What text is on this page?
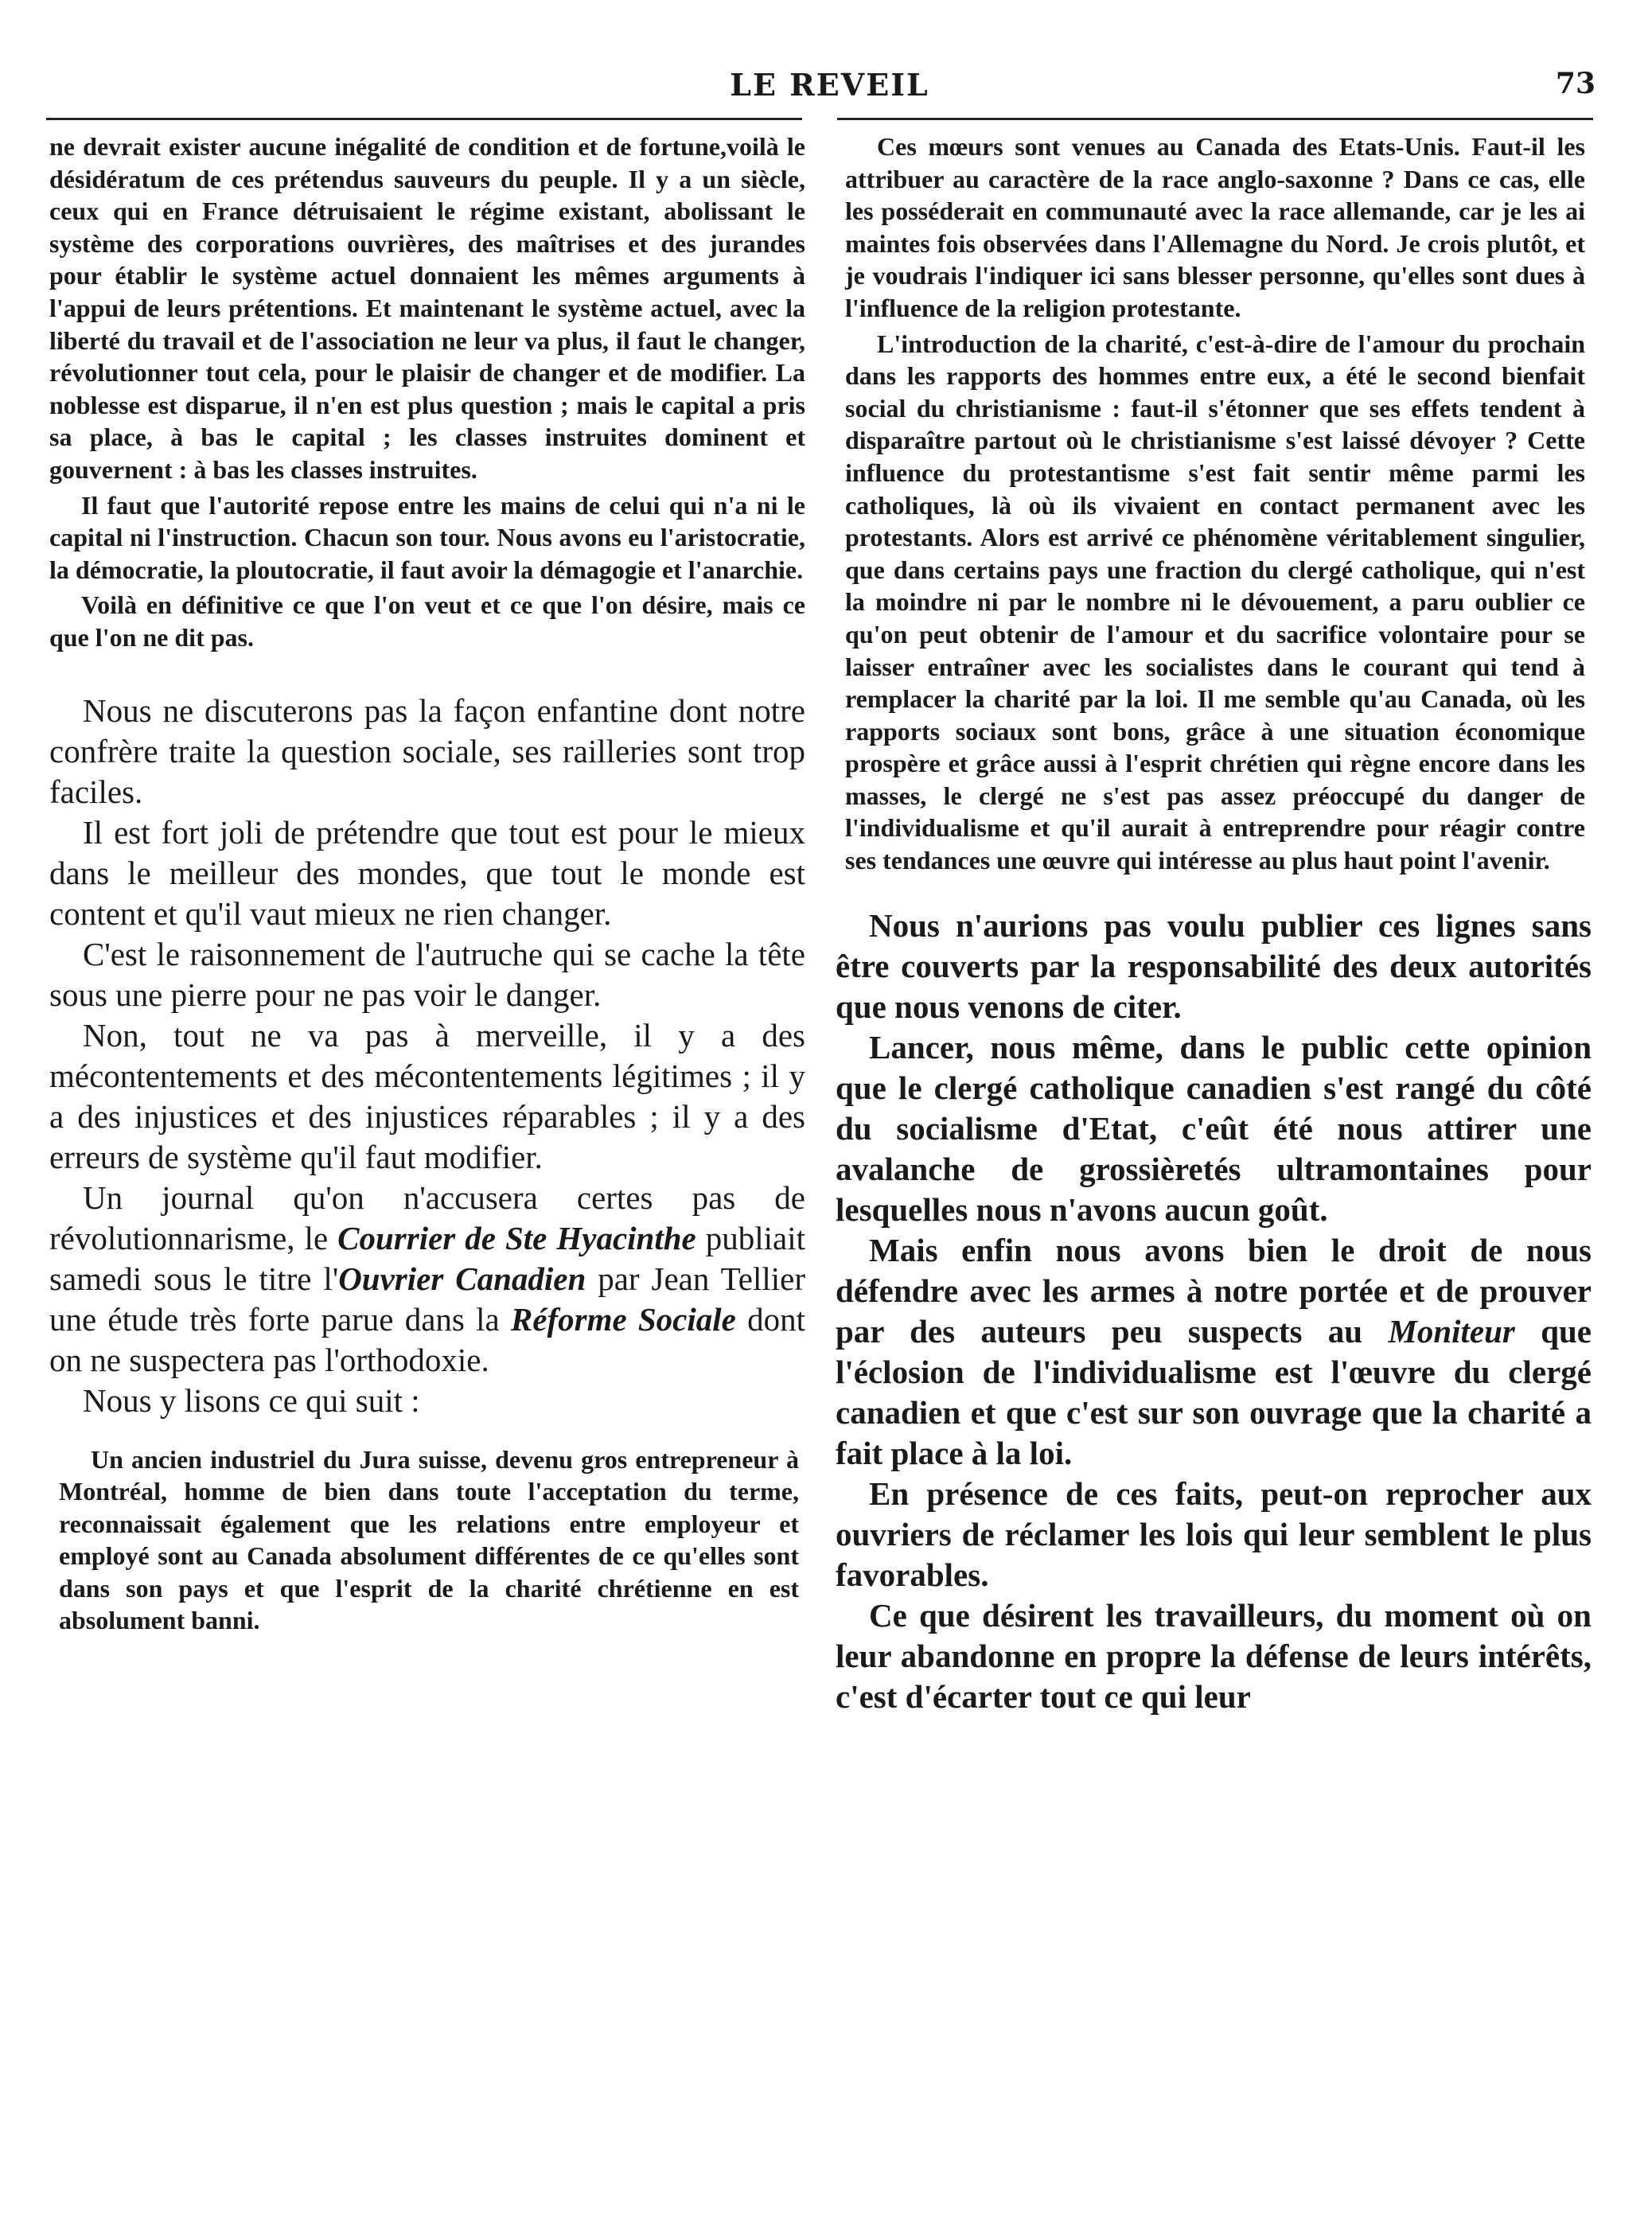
LE REVEIL	73

ne devrait exister aucune inégalité de condition et de fortune,voilà le désidératum de ces prétendus sauveurs du peuple. Il y a un siècle, ceux qui en France détruisaient le régime existant, abolissant le système des corporations ouvrières, des maîtrises et des jurandes pour établir le système actuel donnaient les mêmes arguments à l'appui de leurs prétentions. Et maintenant le système actuel, avec la liberté du travail et de l'association ne leur va plus, il faut le changer, révolutionner tout cela, pour le plaisir de changer et de modifier. La noblesse est disparue, il n'en est plus question ; mais le capital a pris sa place, à bas le capital ; les classes instruites dominent et gouvernent : à bas les classes instruites.

Il faut que l'autorité repose entre les mains de celui qui n'a ni le capital ni l'instruction. Chacun son tour. Nous avons eu l'aristocratie, la démocratie, la ploutocratie, il faut avoir la démagogie et l'anarchie.

Voilà en définitive ce que l'on veut et ce que l'on désire, mais ce que l'on ne dit pas.

Nous ne discuterons pas la façon enfantine dont notre confrère traite la question sociale, ses railleries sont trop faciles.

Il est fort joli de prétendre que tout est pour le mieux dans le meilleur des mondes, que tout le monde est content et qu'il vaut mieux ne rien changer.

C'est le raisonnement de l'autruche qui se cache la tête sous une pierre pour ne pas voir le danger.

Non, tout ne va pas à merveille, il y a des mécontentements et des mécontentements légitimes ; il y a des injustices et des injustices réparables ; il y a des erreurs de système qu'il faut modifier.

Un journal qu'on n'accusera certes pas de révolutionnarisme, le Courrier de Ste Hyacinthe publiait samedi sous le titre l'Ouvrier Canadien par Jean Tellier une étude très forte parue dans la Réforme Sociale dont on ne suspectera pas l'orthodoxie.

Nous y lisons ce qui suit :

Un ancien industriel du Jura suisse, devenu gros entrepreneur à Montréal, homme de bien dans toute l'acceptation du terme, reconnaissait également que les relations entre employeur et employé sont au Canada absolument différentes de ce qu'elles sont dans son pays et que l'esprit de la charité chrétienne en est absolument banni.

Ces mœurs sont venues au Canada des Etats-Unis. Faut-il les attribuer au caractère de la race anglo-saxonne ? Dans ce cas, elle les posséderait en communauté avec la race allemande, car je les ai maintes fois observées dans l'Allemagne du Nord. Je crois plutôt, et je voudrais l'indiquer ici sans blesser personne, qu'elles sont dues à l'influence de la religion protestante.

L'introduction de la charité, c'est-à-dire de l'amour du prochain dans les rapports des hommes entre eux, a été le second bienfait social du christianisme : faut-il s'étonner que ses effets tendent à disparaître partout où le christianisme s'est laissé dévoyer ? Cette influence du protestantisme s'est fait sentir même parmi les catholiques, là où ils vivaient en contact permanent avec les protestants. Alors est arrivé ce phénomène véritablement singulier, que dans certains pays une fraction du clergé catholique, qui n'est la moindre ni par le nombre ni le dévouement, a paru oublier ce qu'on peut obtenir de l'amour et du sacrifice volontaire pour se laisser entraîner avec les socialistes dans le courant qui tend à remplacer la charité par la loi. Il me semble qu'au Canada, où les rapports sociaux sont bons, grâce à une situation économique prospère et grâce aussi à l'esprit chrétien qui règne encore dans les masses, le clergé ne s'est pas assez préoccupé du danger de l'individualisme et qu'il aurait à entreprendre pour réagir contre ses tendances une œuvre qui intéresse au plus haut point l'avenir.

Nous n'aurions pas voulu publier ces lignes sans être couverts par la responsabilité des deux autorités que nous venons de citer.

Lancer, nous même, dans le public cette opinion que le clergé catholique canadien s'est rangé du côté du socialisme d'Etat, c'eût été nous attirer une avalanche de grossièretés ultramontaines pour lesquelles nous n'avons aucun goût.

Mais enfin nous avons bien le droit de nous défendre avec les armes à notre portée et de prouver par des auteurs peu suspects au Moniteur que l'éclosion de l'individualisme est l'œuvre du clergé canadien et que c'est sur son ouvrage que la charité a fait place à la loi.

En présence de ces faits, peut-on reprocher aux ouvriers de réclamer les lois qui leur semblent le plus favorables.

Ce que désirent les travailleurs, du moment où on leur abandonne en propre la défense de leurs intérêts, c'est d'écarter tout ce qui leur
